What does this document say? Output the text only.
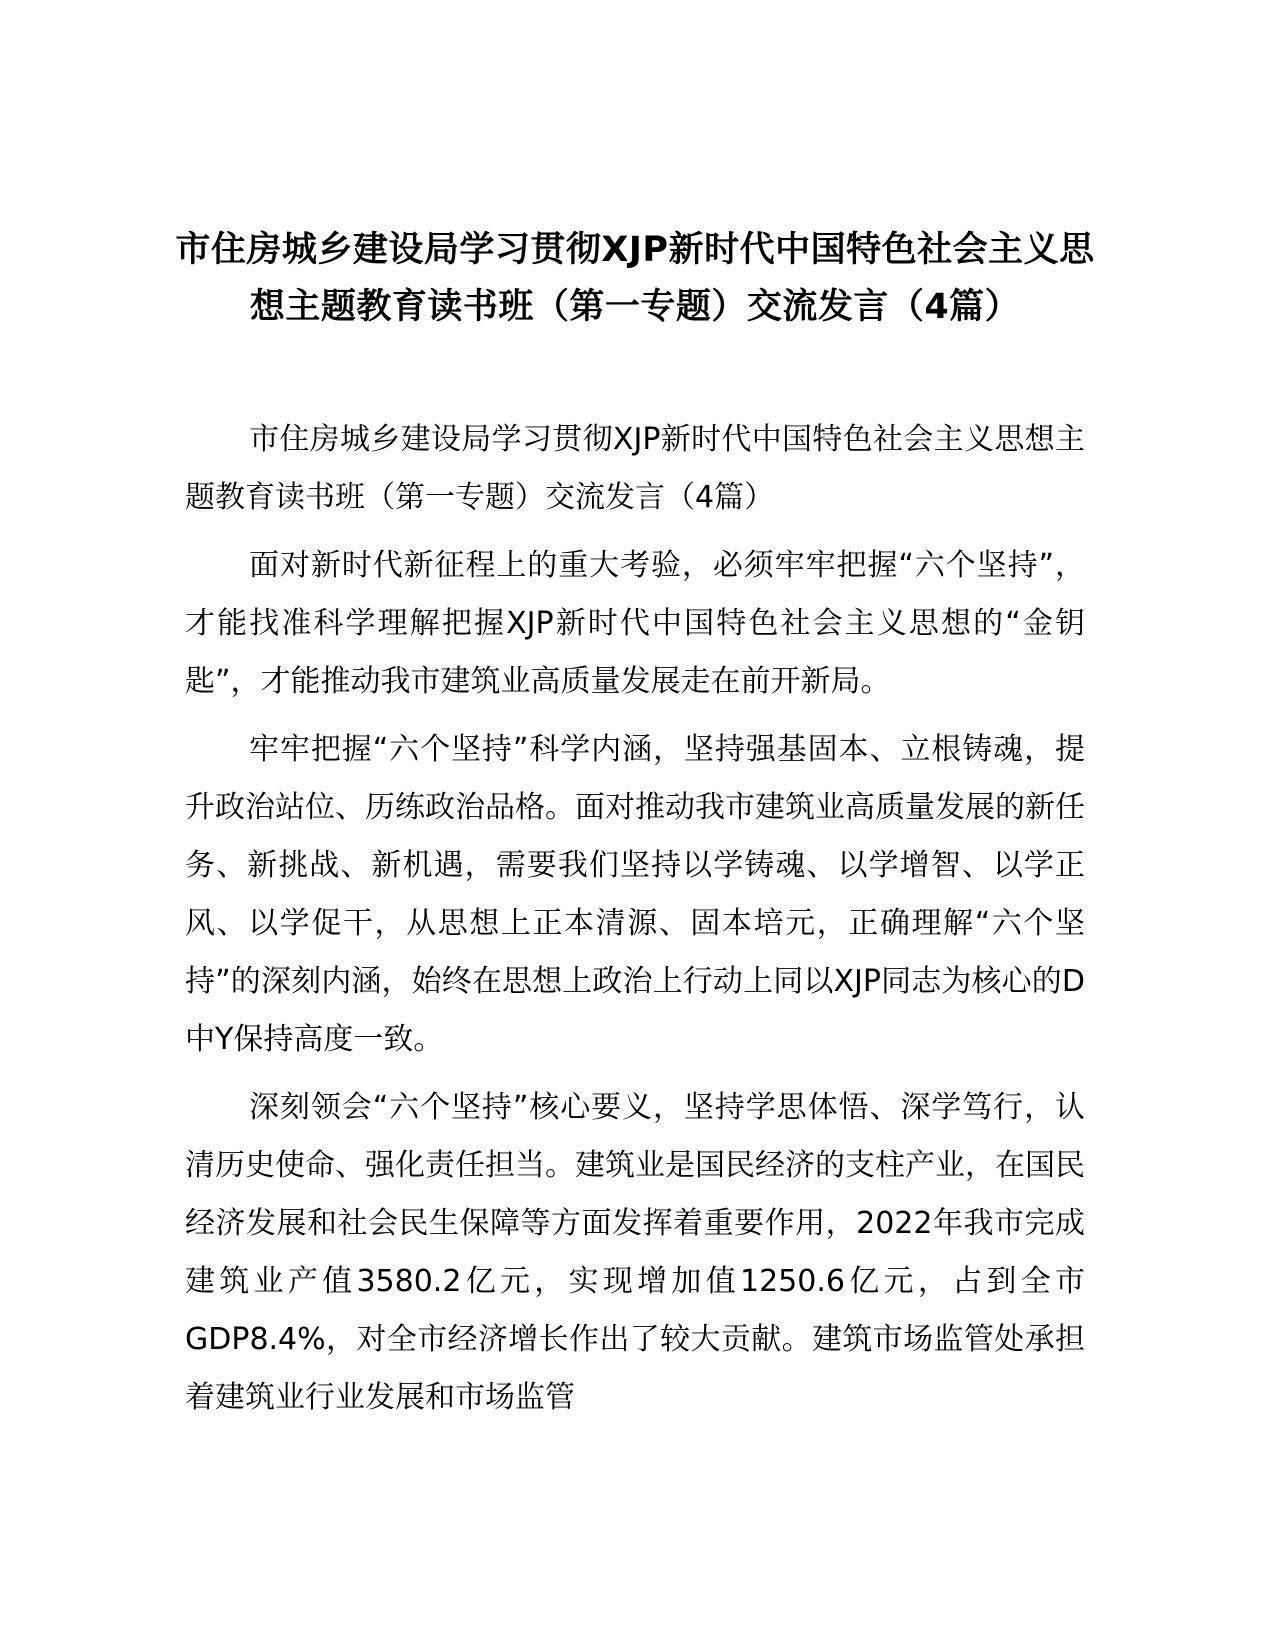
市住房城乡建设局学习贯彻XJP新时代中国特色社会主义思想主题教育读书班（第一专题）交流发言（4篇）

市住房城乡建设局学习贯彻XJP新时代中国特色社会主义思想主题教育读书班（第一专题）交流发言（4篇）

面对新时代新征程上的重大考验，必须牢牢把握“六个坚持”，才能找准科学理解把握XJP新时代中国特色社会主义思想的“金钥匙”，才能推动我市建筑业高质量发展走在前开新局。

牢牢把握“六个坚持”科学内涵，坚持强基固本、立根铸魂，提升政治站位、历练政治品格。面对推动我市建筑业高质量发展的新任务、新挑战、新机遇，需要我们坚持以学铸魂、以学增智、以学正风、以学促干，从思想上正本清源、固本培元，正确理解“六个坚持”的深刻内涵，始终在思想上政治上行动上同以XJP同志为核心的D中Y保持高度一致。

深刻领会“六个坚持”核心要义，坚持学思体悟、深学笃行，认清历史使命、强化责任担当。建筑业是国民经济的支柱产业，在国民经济发展和社会民生保障等方面发挥着重要作用，2022年我市完成建筑业产值3580.2亿元，实现增加值1250.6亿元，占到全市GDP8.4%，对全市经济增长作出了较大贡献。建筑市场监管处承担着建筑业行业发展和市场监管
